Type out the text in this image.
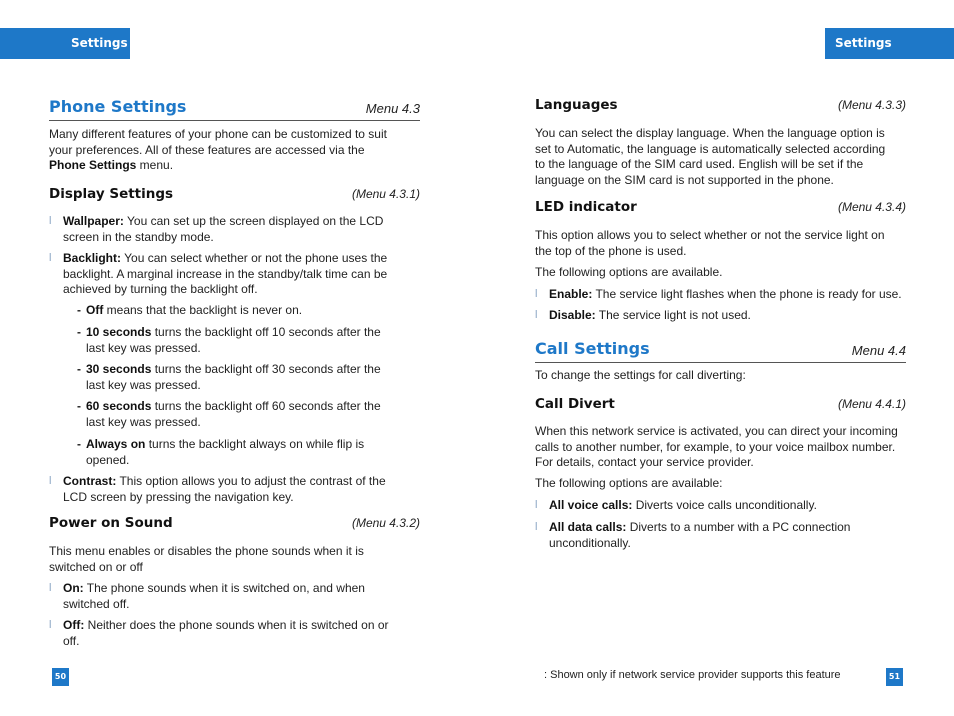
Settings	Settings
Phone Settings	Menu 4.3
Many different features of your phone can be customized to suit
your preferences. All of these features are accessed via the
Phone Settings menu.
Display Settings	(Menu 4.3.1)
l Wallpaper: You can set up the screen displayed on the LCD
screen in the standby mode.
l Backlight: You can select whether or not the phone uses the
backlight. A marginal increase in the standby/talk time can be
achieved by turning the backlight off.
- Off means that the backlight is never on.
- 10 seconds turns the backlight off 10 seconds after the
last key was pressed.
- 30 seconds turns the backlight off 30 seconds after the
last key was pressed.
- 60 seconds turns the backlight off 60 seconds after the
last key was pressed.
- Always on turns the backlight always on while flip is
opened.
l Contrast: This option allows you to adjust the contrast of the
LCD screen by pressing the navigation key.
Power on Sound	(Menu 4.3.2)
This menu enables or disables the phone sounds when it is
switched on or off
l On: The phone sounds when it is switched on, and when
switched off.
l Off: Neither does the phone sounds when it is switched on or
off.
50
Languages	(Menu 4.3.3)
You can select the display language. When the language option is
set to Automatic, the language is automatically selected according
to the language of the SIM card used. English will be set if the
language on the SIM card is not supported in the phone.
LED indicator	(Menu 4.3.4)
This option allows you to select whether or not the service light on
the top of the phone is used.
The following options are available.
l Enable: The service light flashes when the phone is ready for use.
l Disable: The service light is not used.
Call Settings	Menu 4.4
To change the settings for call diverting:
Call Divert	(Menu 4.4.1)
When this network service is activated, you can direct your incoming
calls to another number, for example, to your voice mailbox number.
For details, contact your service provider.
The following options are available:
l All voice calls: Diverts voice calls unconditionally.
l All data calls: Diverts to a number with a PC connection
unconditionally.
: Shown only if network service provider supports this feature	51
